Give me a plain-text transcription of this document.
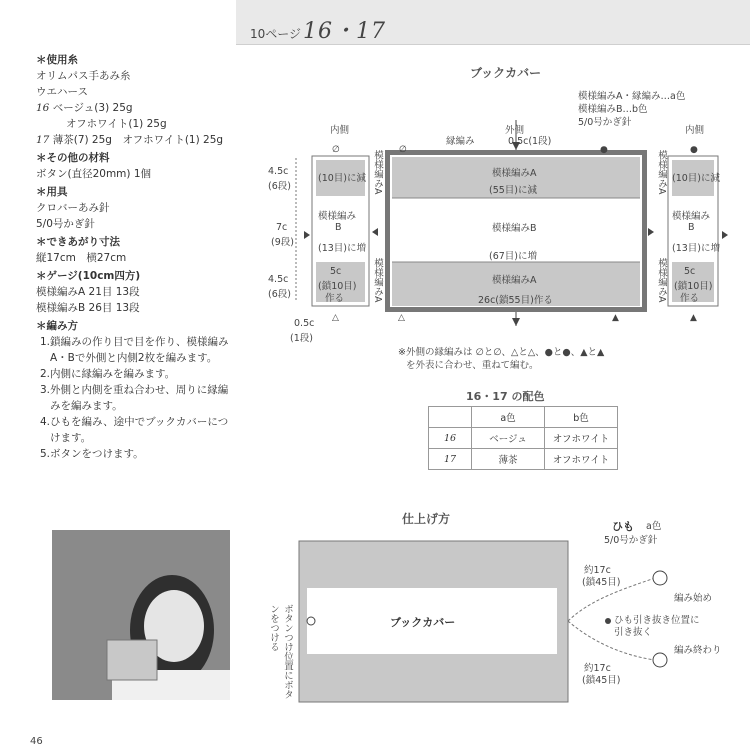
10ページ16・17
＊使用糸
オリムパス手あみ糸
ウエハース
16 ベージュ(3) 25g
オフホワイト(1) 25g
17 薄茶(7) 25g　オフホワイト(1) 25g
＊その他の材料
ボタン(直径20mm) 1個
＊用具
クロバーあみ針
5/0号かぎ針
＊できあがり寸法
縦17cm　横27cm
＊ゲージ(10cm四方)
模様編みA 21目 13段
模様編みB 26目 13段
＊編み方
1.鎖編みの作り目で目を作り、模様編み A・Bで外側と内側2枚を編みます。
2.内側に縁編みを編みます。
3.外側と内側を重ね合わせ、周りに縁編みを編みます。
4.ひもを編み、途中でブックカバーにつけます。
5.ボタンをつけます。
ブックカバー
模様編みA・縁編み…a色
模様編みB…b色
5/0号かぎ針
∅	●
△	▲
∅	●
△	▲
内側	内側
外側
縁編み	0.5c(1段)
模様編みA
(55目)に減
模様編みB
(67目)に増
模様編みA
26c(鎖55目)作る
4.5c
(6段)
7c
(9段)
4.5c
(6段)
0.5c
(1段)
(10目)に減
模様編み
B
(13目)に増
5c
(鎖10目)
作る
(10目)に減
模様編み
B
(13目)に増
5c
(鎖10目)
作る
模様編みA	模様編みA
模様編みA	模様編みA
※外側の縁編みは ∅と∅、△と△、●と●、▲と▲
を外表に合わせ、重ねて編む。
16・17 の配色
	a色	b色
16	ベージュ	オフホワイト
17	薄茶	オフホワイト
仕上げ方
ブックカバー
ボタンつけ位置にボタンをつける
ひも a色
5/0号かぎ針
約17c
(鎖45目)
編み始め
ひも引き抜き位置に
引き抜く
編み終わり
約17c
(鎖45目)
46
